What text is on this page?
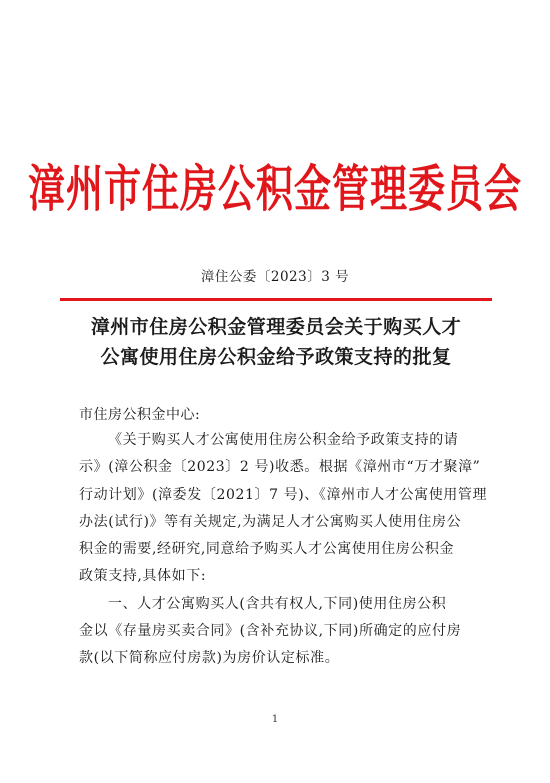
漳州市住房公积金管理委员会
漳住公委〔2023〕3 号
漳州市住房公积金管理委员会关于购买人才
公寓使用住房公积金给予政策支持的批复
市住房公积金中心:

《关于购买人才公寓使用住房公积金给予政策支持的请
示》(漳公积金〔2023〕2 号)收悉。根据《漳州市“万才聚漳”
行动计划》(漳委发〔2021〕7 号)、《漳州市人才公寓使用管理
办法(试行)》等有关规定,为满足人才公寓购买人使用住房公
积金的需要,经研究,同意给予购买人才公寓使用住房公积金
政策支持,具体如下:

一、人才公寓购买人(含共有权人,下同)使用住房公积
金以《存量房买卖合同》(含补充协议,下同)所确定的应付房
款(以下简称应付房款)为房价认定标准。

1
